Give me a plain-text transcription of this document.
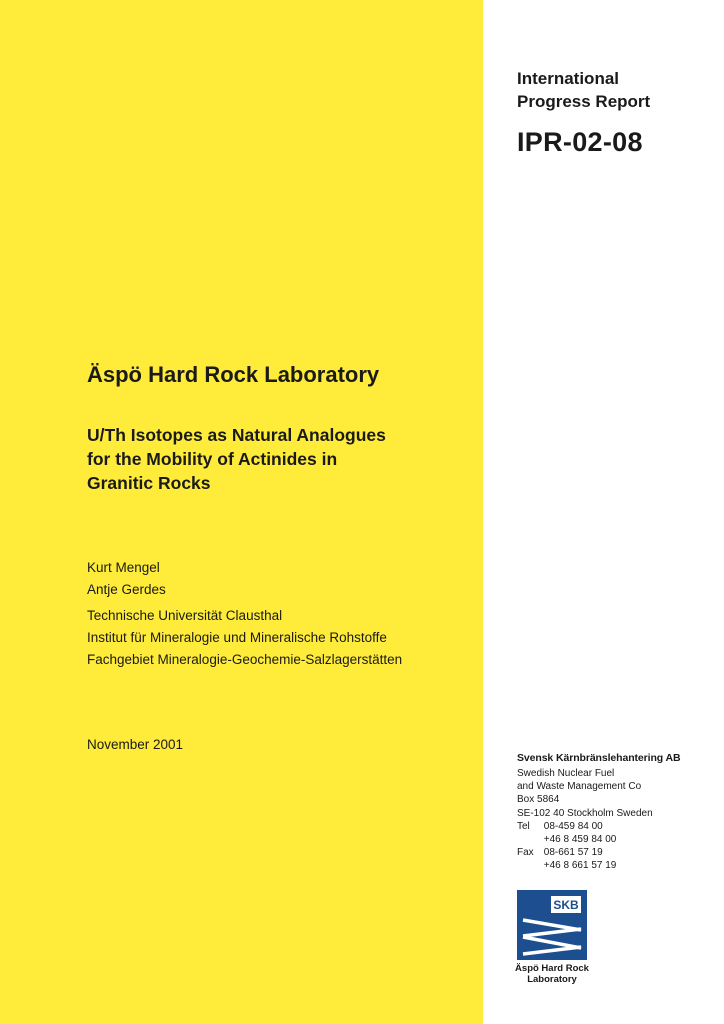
International
Progress Report
IPR-02-08
Äspö Hard Rock Laboratory
U/Th Isotopes as Natural Analogues
for the Mobility of Actinides in
Granitic Rocks
Kurt Mengel
Antje Gerdes
Technische Universität Clausthal
Institut für Mineralogie und Mineralische Rohstoffe
Fachgebiet Mineralogie-Geochemie-Salzlagerstätten
November 2001
Svensk Kärnbränslehantering AB
Swedish Nuclear Fuel
and Waste Management Co
Box 5864
SE-102 40 Stockholm Sweden
Tel 08-459 84 00
+46 8 459 84 00
Fax 08-661 57 19
+46 8 661 57 19
SKB
Äspö Hard Rock
Laboratory
